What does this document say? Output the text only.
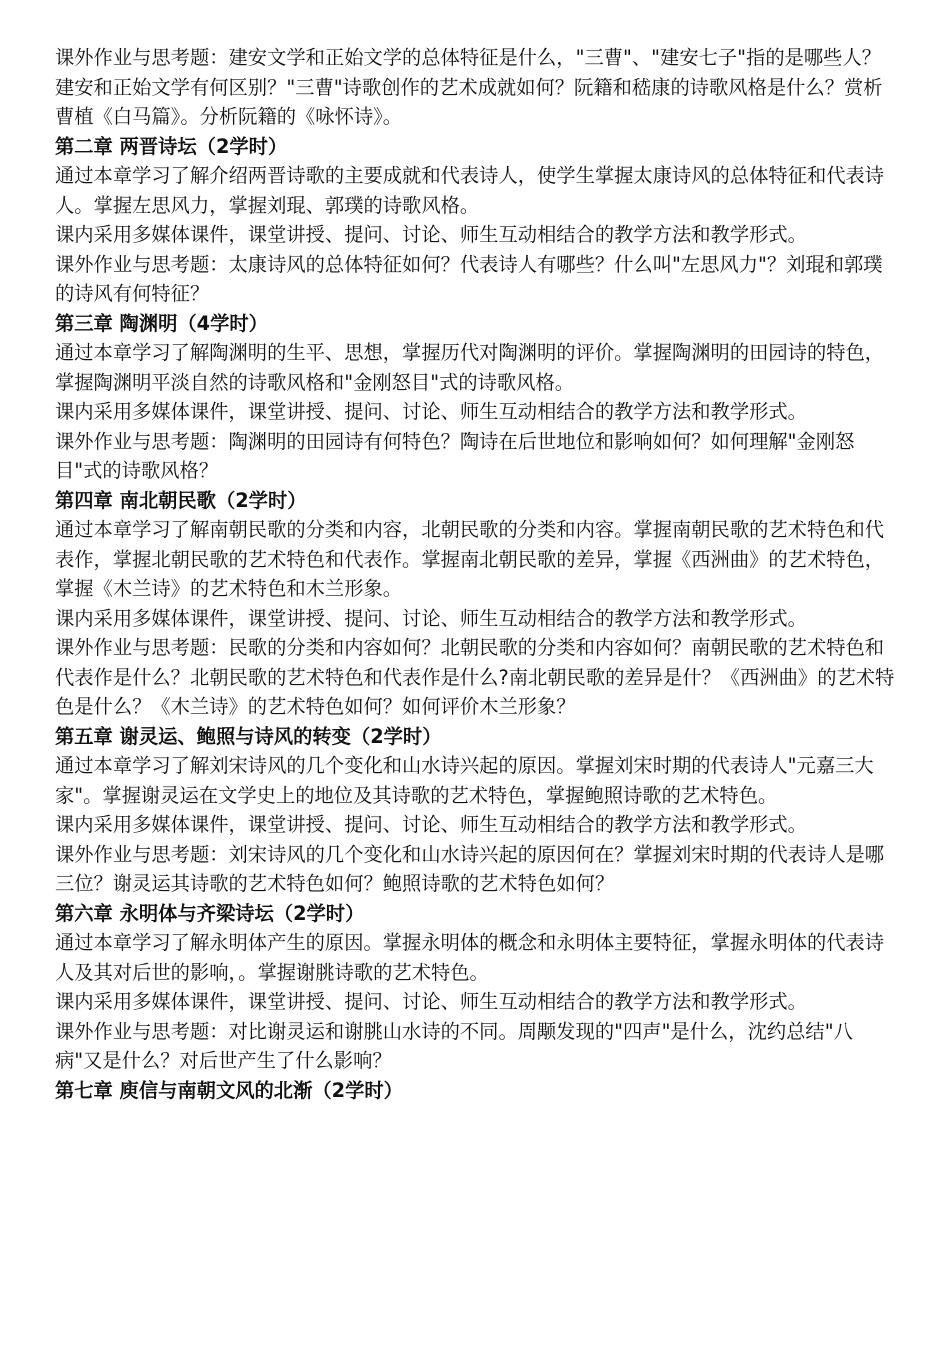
课外作业与思考题：建安文学和正始文学的总体特征是什么，"三曹"、"建安七子"指的是哪些人？建安和正始文学有何区别？"三曹"诗歌创作的艺术成就如何？阮籍和嵇康的诗歌风格是什么？赏析曹植《白马篇》。分析阮籍的《咏怀诗》。

第二章 两晋诗坛（2学时）

通过本章学习了解介绍两晋诗歌的主要成就和代表诗人，使学生掌握太康诗风的总体特征和代表诗人。掌握左思风力，掌握刘琨、郭璞的诗歌风格。

课内采用多媒体课件，课堂讲授、提问、讨论、师生互动相结合的教学方法和教学形式。

课外作业与思考题：太康诗风的总体特征如何？代表诗人有哪些？什么叫"左思风力"？刘琨和郭璞的诗风有何特征？

第三章 陶渊明（4学时）

通过本章学习了解陶渊明的生平、思想，掌握历代对陶渊明的评价。掌握陶渊明的田园诗的特色，掌握陶渊明平淡自然的诗歌风格和"金刚怒目"式的诗歌风格。

课内采用多媒体课件，课堂讲授、提问、讨论、师生互动相结合的教学方法和教学形式。

课外作业与思考题：陶渊明的田园诗有何特色？陶诗在后世地位和影响如何？如何理解"金刚怒目"式的诗歌风格？

第四章 南北朝民歌（2学时）

通过本章学习了解南朝民歌的分类和内容，北朝民歌的分类和内容。掌握南朝民歌的艺术特色和代表作，掌握北朝民歌的艺术特色和代表作。掌握南北朝民歌的差异，掌握《西洲曲》的艺术特色，掌握《木兰诗》的艺术特色和木兰形象。

课内采用多媒体课件，课堂讲授、提问、讨论、师生互动相结合的教学方法和教学形式。

课外作业与思考题：民歌的分类和内容如何？北朝民歌的分类和内容如何？南朝民歌的艺术特色和代表作是什么？北朝民歌的艺术特色和代表作是什么?南北朝民歌的差异是什？《西洲曲》的艺术特色是什么？《木兰诗》的艺术特色如何？如何评价木兰形象？

第五章 谢灵运、鲍照与诗风的转变（2学时）

通过本章学习了解刘宋诗风的几个变化和山水诗兴起的原因。掌握刘宋时期的代表诗人"元嘉三大家"。掌握谢灵运在文学史上的地位及其诗歌的艺术特色，掌握鲍照诗歌的艺术特色。

课内采用多媒体课件，课堂讲授、提问、讨论、师生互动相结合的教学方法和教学形式。

课外作业与思考题：刘宋诗风的几个变化和山水诗兴起的原因何在？掌握刘宋时期的代表诗人是哪三位？谢灵运其诗歌的艺术特色如何？鲍照诗歌的艺术特色如何？

第六章 永明体与齐梁诗坛（2学时）

通过本章学习了解永明体产生的原因。掌握永明体的概念和永明体主要特征，掌握永明体的代表诗人及其对后世的影响，。掌握谢朓诗歌的艺术特色。

课内采用多媒体课件，课堂讲授、提问、讨论、师生互动相结合的教学方法和教学形式。

课外作业与思考题：对比谢灵运和谢朓山水诗的不同。周颙发现的"四声"是什么，沈约总结"八病"又是什么？对后世产生了什么影响？

第七章 庾信与南朝文风的北渐（2学时）
